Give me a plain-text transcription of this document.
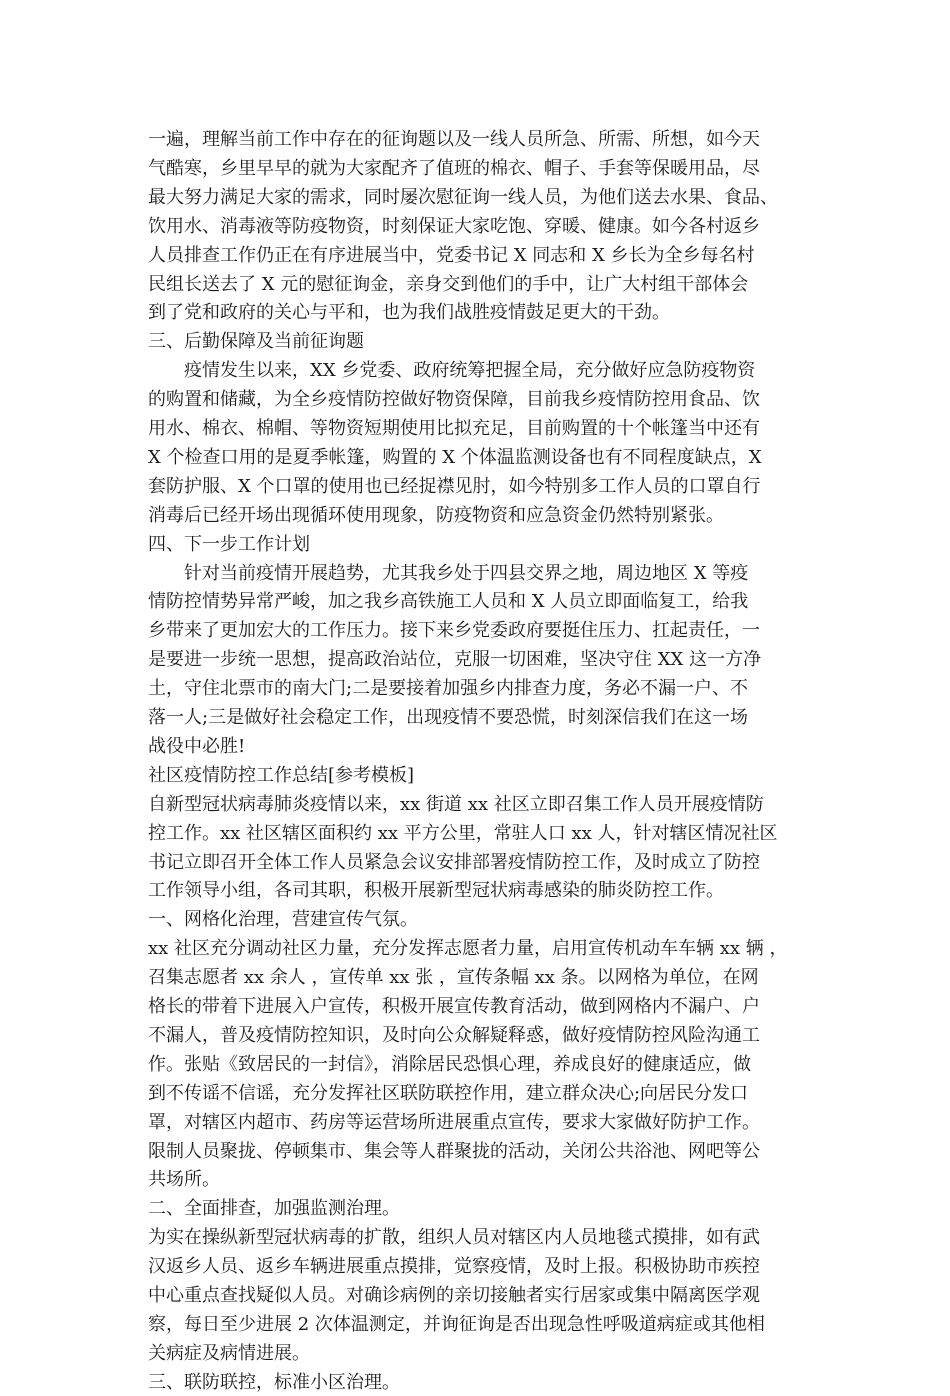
一遍，理解当前工作中存在的征询题以及一线人员所急、所需、所想，如今天
气酷寒，乡里早早的就为大家配齐了值班的棉衣、帽子、手套等保暖用品，尽
最大努力满足大家的需求，同时屡次慰征询一线人员，为他们送去水果、食品、
饮用水、消毒液等防疫物资，时刻保证大家吃饱、穿暖、健康。如今各村返乡
人员排查工作仍正在有序进展当中，党委书记 X 同志和 X 乡长为全乡每名村
民组长送去了 X 元的慰征询金，亲身交到他们的手中，让广大村组干部体会
到了党和政府的关心与平和，也为我们战胜疫情鼓足更大的干劲。
三、后勤保障及当前征询题
疫情发生以来，XX 乡党委、政府统筹把握全局，充分做好应急防疫物资
的购置和储藏，为全乡疫情防控做好物资保障，目前我乡疫情防控用食品、饮
用水、棉衣、棉帽、等物资短期使用比拟充足，目前购置的十个帐篷当中还有
X 个检查口用的是夏季帐篷，购置的 X 个体温监测设备也有不同程度缺点，X
套防护服、X 个口罩的使用也已经捉襟见肘，如今特别多工作人员的口罩自行
消毒后已经开场出现循环使用现象，防疫物资和应急资金仍然特别紧张。
四、下一步工作计划
针对当前疫情开展趋势，尤其我乡处于四县交界之地，周边地区 X 等疫
情防控情势异常严峻，加之我乡高铁施工人员和 X 人员立即面临复工，给我
乡带来了更加宏大的工作压力。接下来乡党委政府要挺住压力、扛起责任，一
是要进一步统一思想，提高政治站位，克服一切困难，坚决守住 XX 这一方净
土，守住北票市的南大门;二是要接着加强乡内排查力度，务必不漏一户、不
落一人;三是做好社会稳定工作，出现疫情不要恐慌，时刻深信我们在这一场
战役中必胜!
社区疫情防控工作总结[参考模板]
自新型冠状病毒肺炎疫情以来，xx 街道 xx 社区立即召集工作人员开展疫情防
控工作。xx 社区辖区面积约 xx 平方公里，常驻人口 xx 人，针对辖区情况社区
书记立即召开全体工作人员紧急会议安排部署疫情防控工作，及时成立了防控
工作领导小组，各司其职，积极开展新型冠状病毒感染的肺炎防控工作。
一、网格化治理，营建宣传气氛。
xx 社区充分调动社区力量，充分发挥志愿者力量，启用宣传机动车车辆 xx 辆 ，
召集志愿者 xx 余人 ，宣传单 xx 张 ，宣传条幅 xx 条。以网格为单位，在网
格长的带着下进展入户宣传，积极开展宣传教育活动，做到网格内不漏户、户
不漏人，普及疫情防控知识，及时向公众解疑释惑，做好疫情防控风险沟通工
作。张贴《致居民的一封信》，消除居民恐惧心理，养成良好的健康适应，做
到不传谣不信谣，充分发挥社区联防联控作用，建立群众决心;向居民分发口
罩，对辖区内超市、药房等运营场所进展重点宣传，要求大家做好防护工作。
限制人员聚拢、停顿集市、集会等人群聚拢的活动，关闭公共浴池、网吧等公
共场所。
二、全面排查，加强监测治理。
为实在操纵新型冠状病毒的扩散，组织人员对辖区内人员地毯式摸排，如有武
汉返乡人员、返乡车辆进展重点摸排，觉察疫情，及时上报。积极协助市疾控
中心重点查找疑似人员。对确诊病例的亲切接触者实行居家或集中隔离医学观
察，每日至少进展 2 次体温测定，并询征询是否出现急性呼吸道病症或其他相
关病症及病情进展。
三、联防联控，标准小区治理。
